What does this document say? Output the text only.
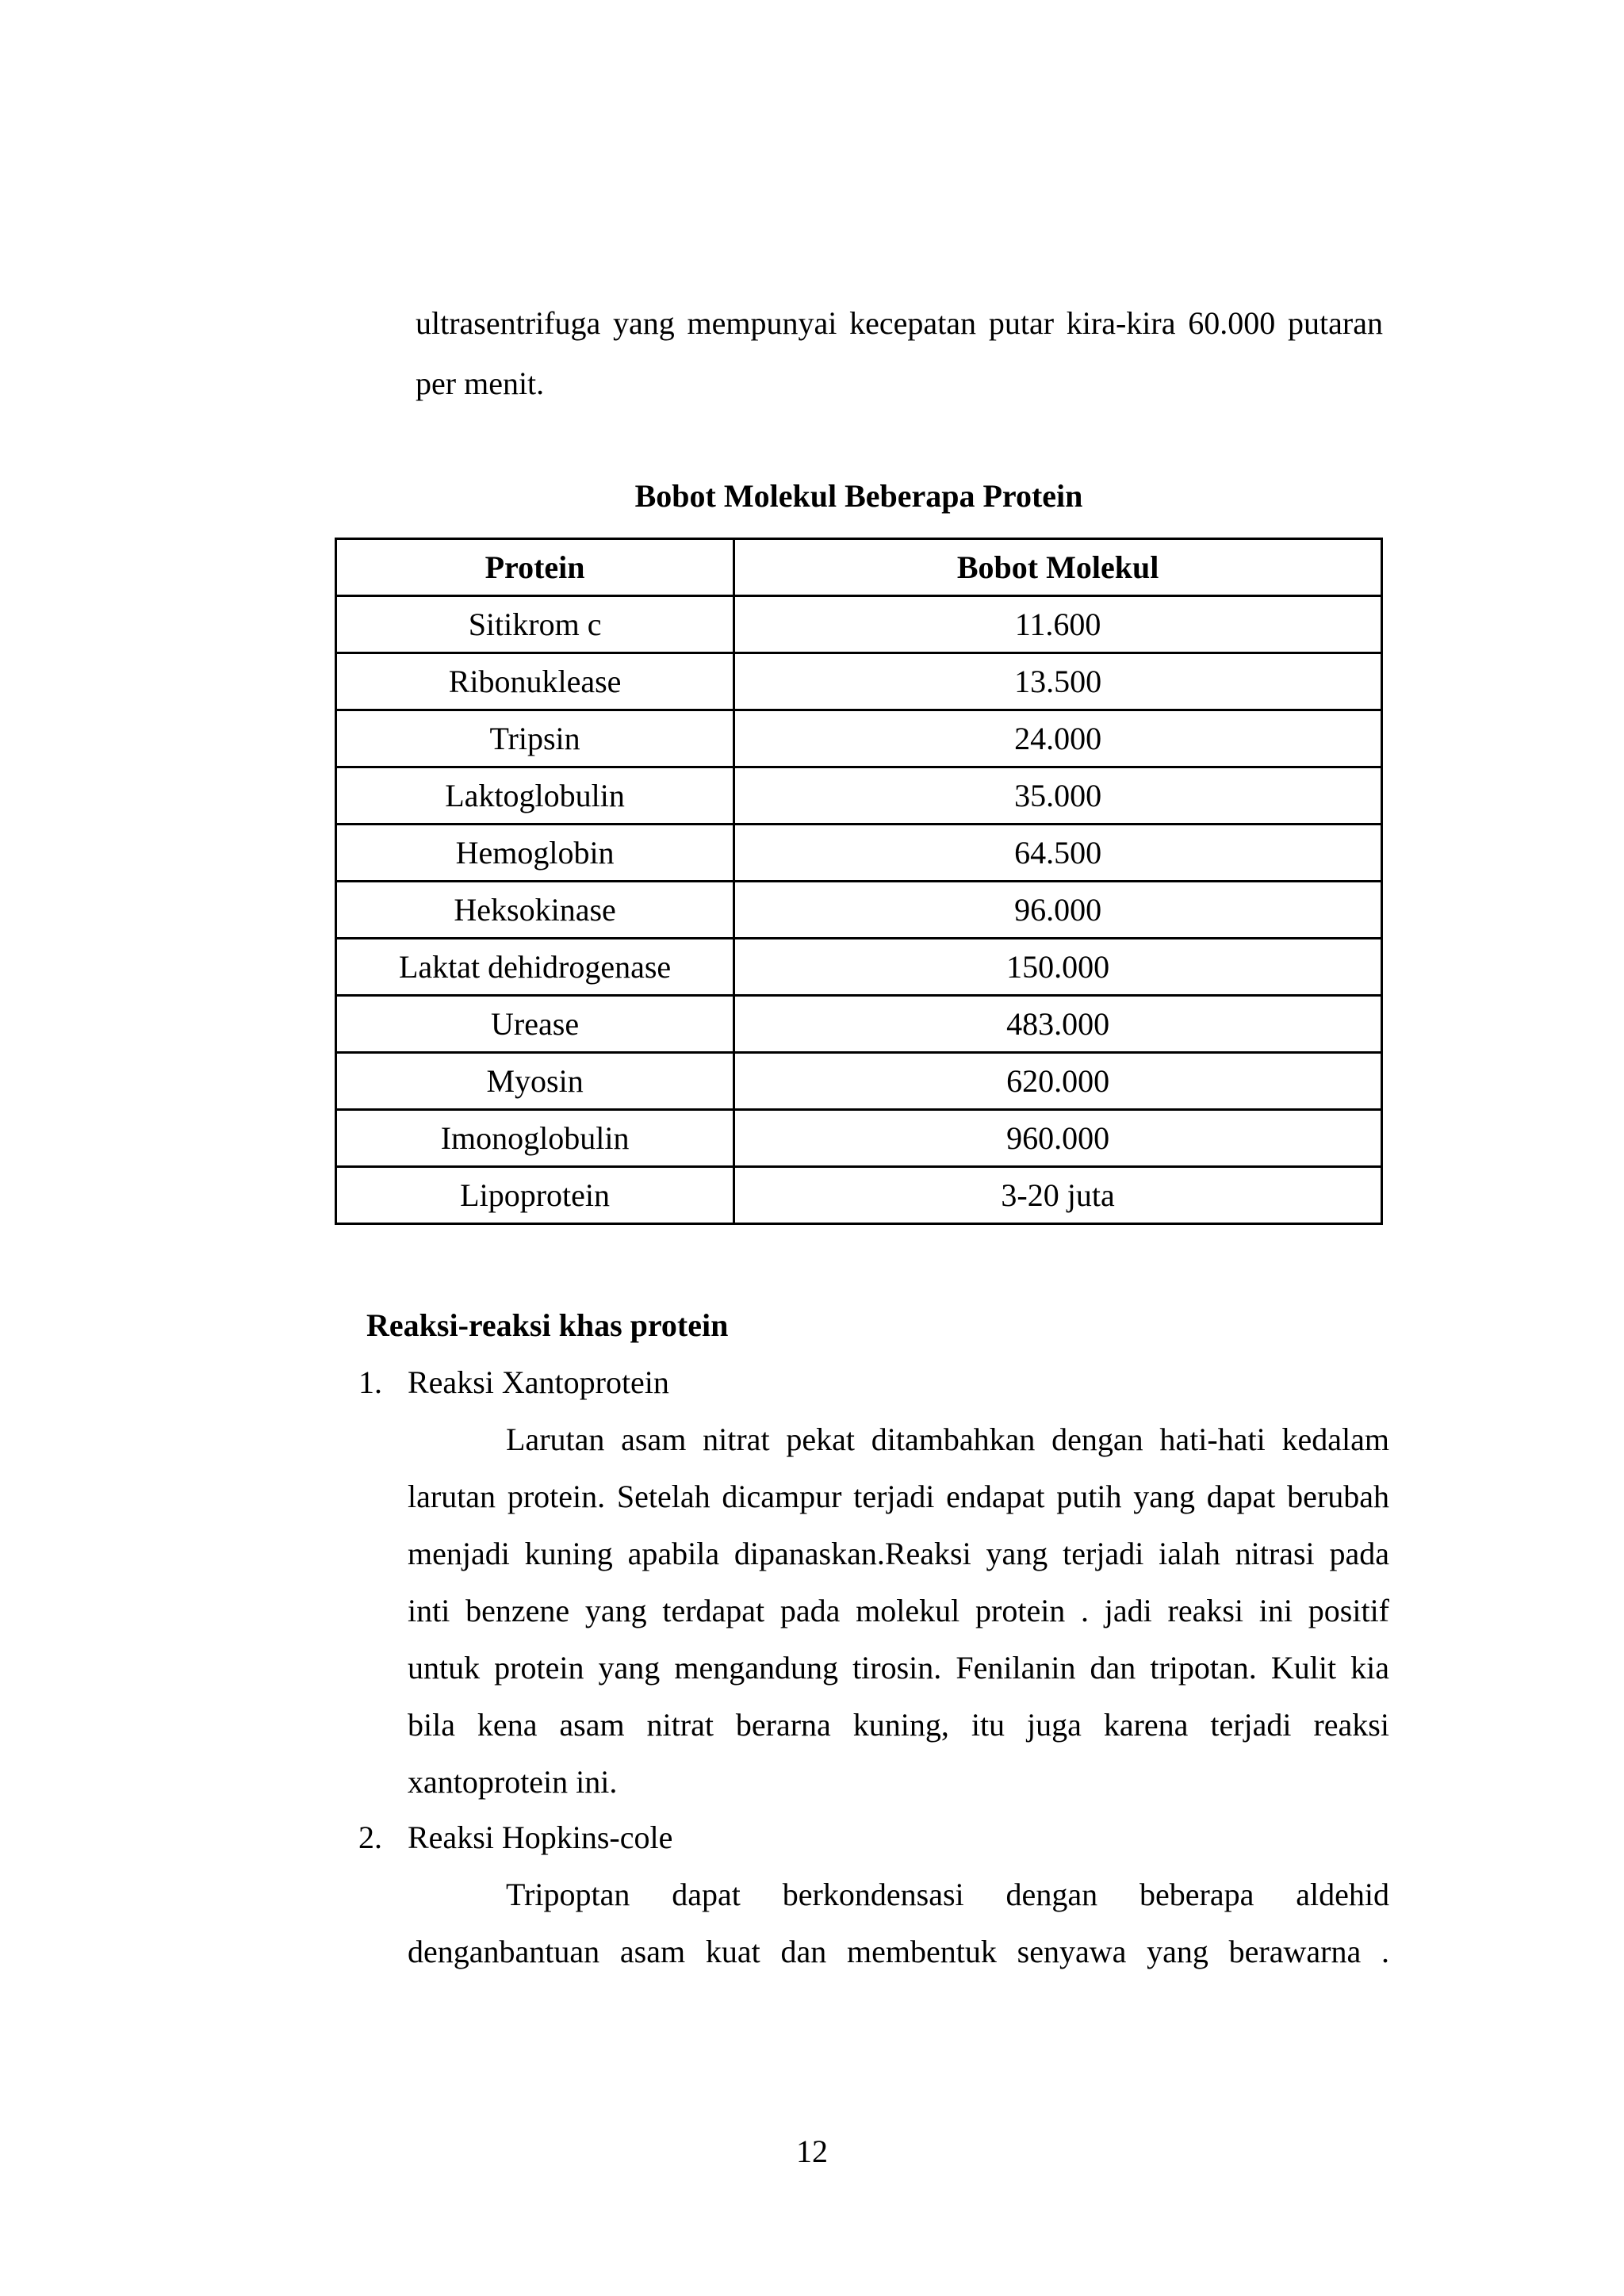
ultrasentrifuga yang mempunyai kecepatan putar kira-kira 60.000 putaran
per menit.
Bobot Molekul Beberapa Protein
Protein	Bobot Molekul
Sitikrom c	11.600
Ribonuklease	13.500
Tripsin	24.000
Laktoglobulin	35.000
Hemoglobin	64.500
Heksokinase	96.000
Laktat dehidrogenase	150.000
Urease	483.000
Myosin	620.000
Imonoglobulin	960.000
Lipoprotein	3-20 juta
Reaksi-reaksi khas protein
1. Reaksi Xantoprotein
Larutan asam nitrat pekat ditambahkan dengan hati-hati kedalam
larutan protein. Setelah dicampur terjadi endapat putih yang dapat berubah
menjadi kuning apabila dipanaskan.Reaksi yang terjadi ialah nitrasi pada
inti benzene yang terdapat pada molekul protein . jadi reaksi ini positif
untuk protein yang mengandung tirosin. Fenilanin dan tripotan. Kulit kia
bila kena asam nitrat berarna kuning, itu juga karena terjadi reaksi
xantoprotein ini.
2. Reaksi Hopkins-cole
Tripoptan dapat berkondensasi dengan beberapa aldehid
denganbantuan asam kuat dan membentuk senyawa yang berawarna .
12
